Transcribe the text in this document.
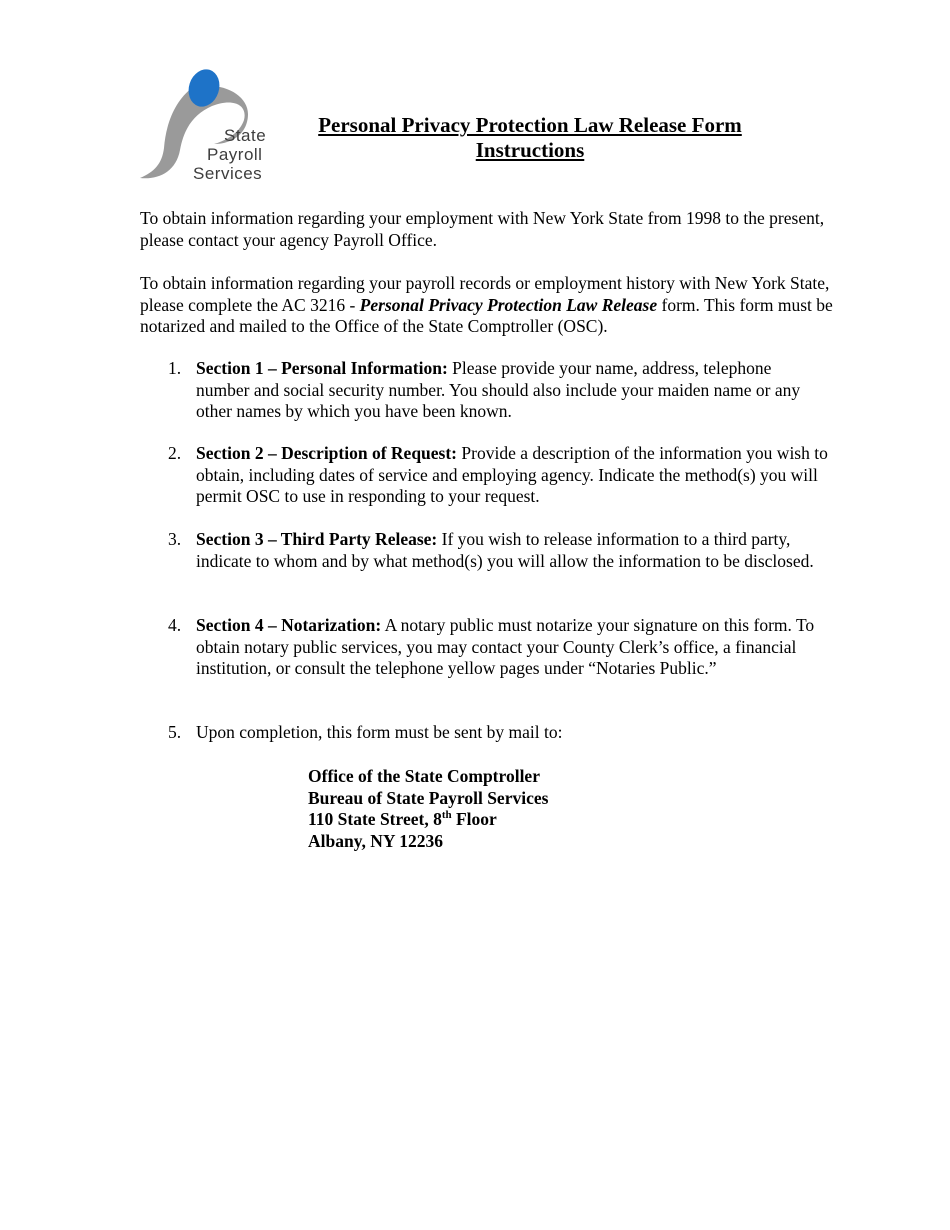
State
Payroll
Services
Personal Privacy Protection Law Release Form
Instructions

To obtain information regarding your employment with New York State from 1998 to the present, please contact your agency Payroll Office.

To obtain information regarding your payroll records or employment history with New York State, please complete the AC 3216 - Personal Privacy Protection Law Release form. This form must be notarized and mailed to the Office of the State Comptroller (OSC).

1. Section 1 – Personal Information: Please provide your name, address, telephone number and social security number. You should also include your maiden name or any other names by which you have been known.
2. Section 2 – Description of Request: Provide a description of the information you wish to obtain, including dates of service and employing agency. Indicate the method(s) you will permit OSC to use in responding to your request.
3. Section 3 – Third Party Release: If you wish to release information to a third party, indicate to whom and by what method(s) you will allow the information to be disclosed.
4. Section 4 – Notarization: A notary public must notarize your signature on this form. To obtain notary public services, you may contact your County Clerk’s office, a financial institution, or consult the telephone yellow pages under “Notaries Public.”
5. Upon completion, this form must be sent by mail to:
Office of the State Comptroller
Bureau of State Payroll Services
110 State Street, 8th Floor
Albany, NY 12236
